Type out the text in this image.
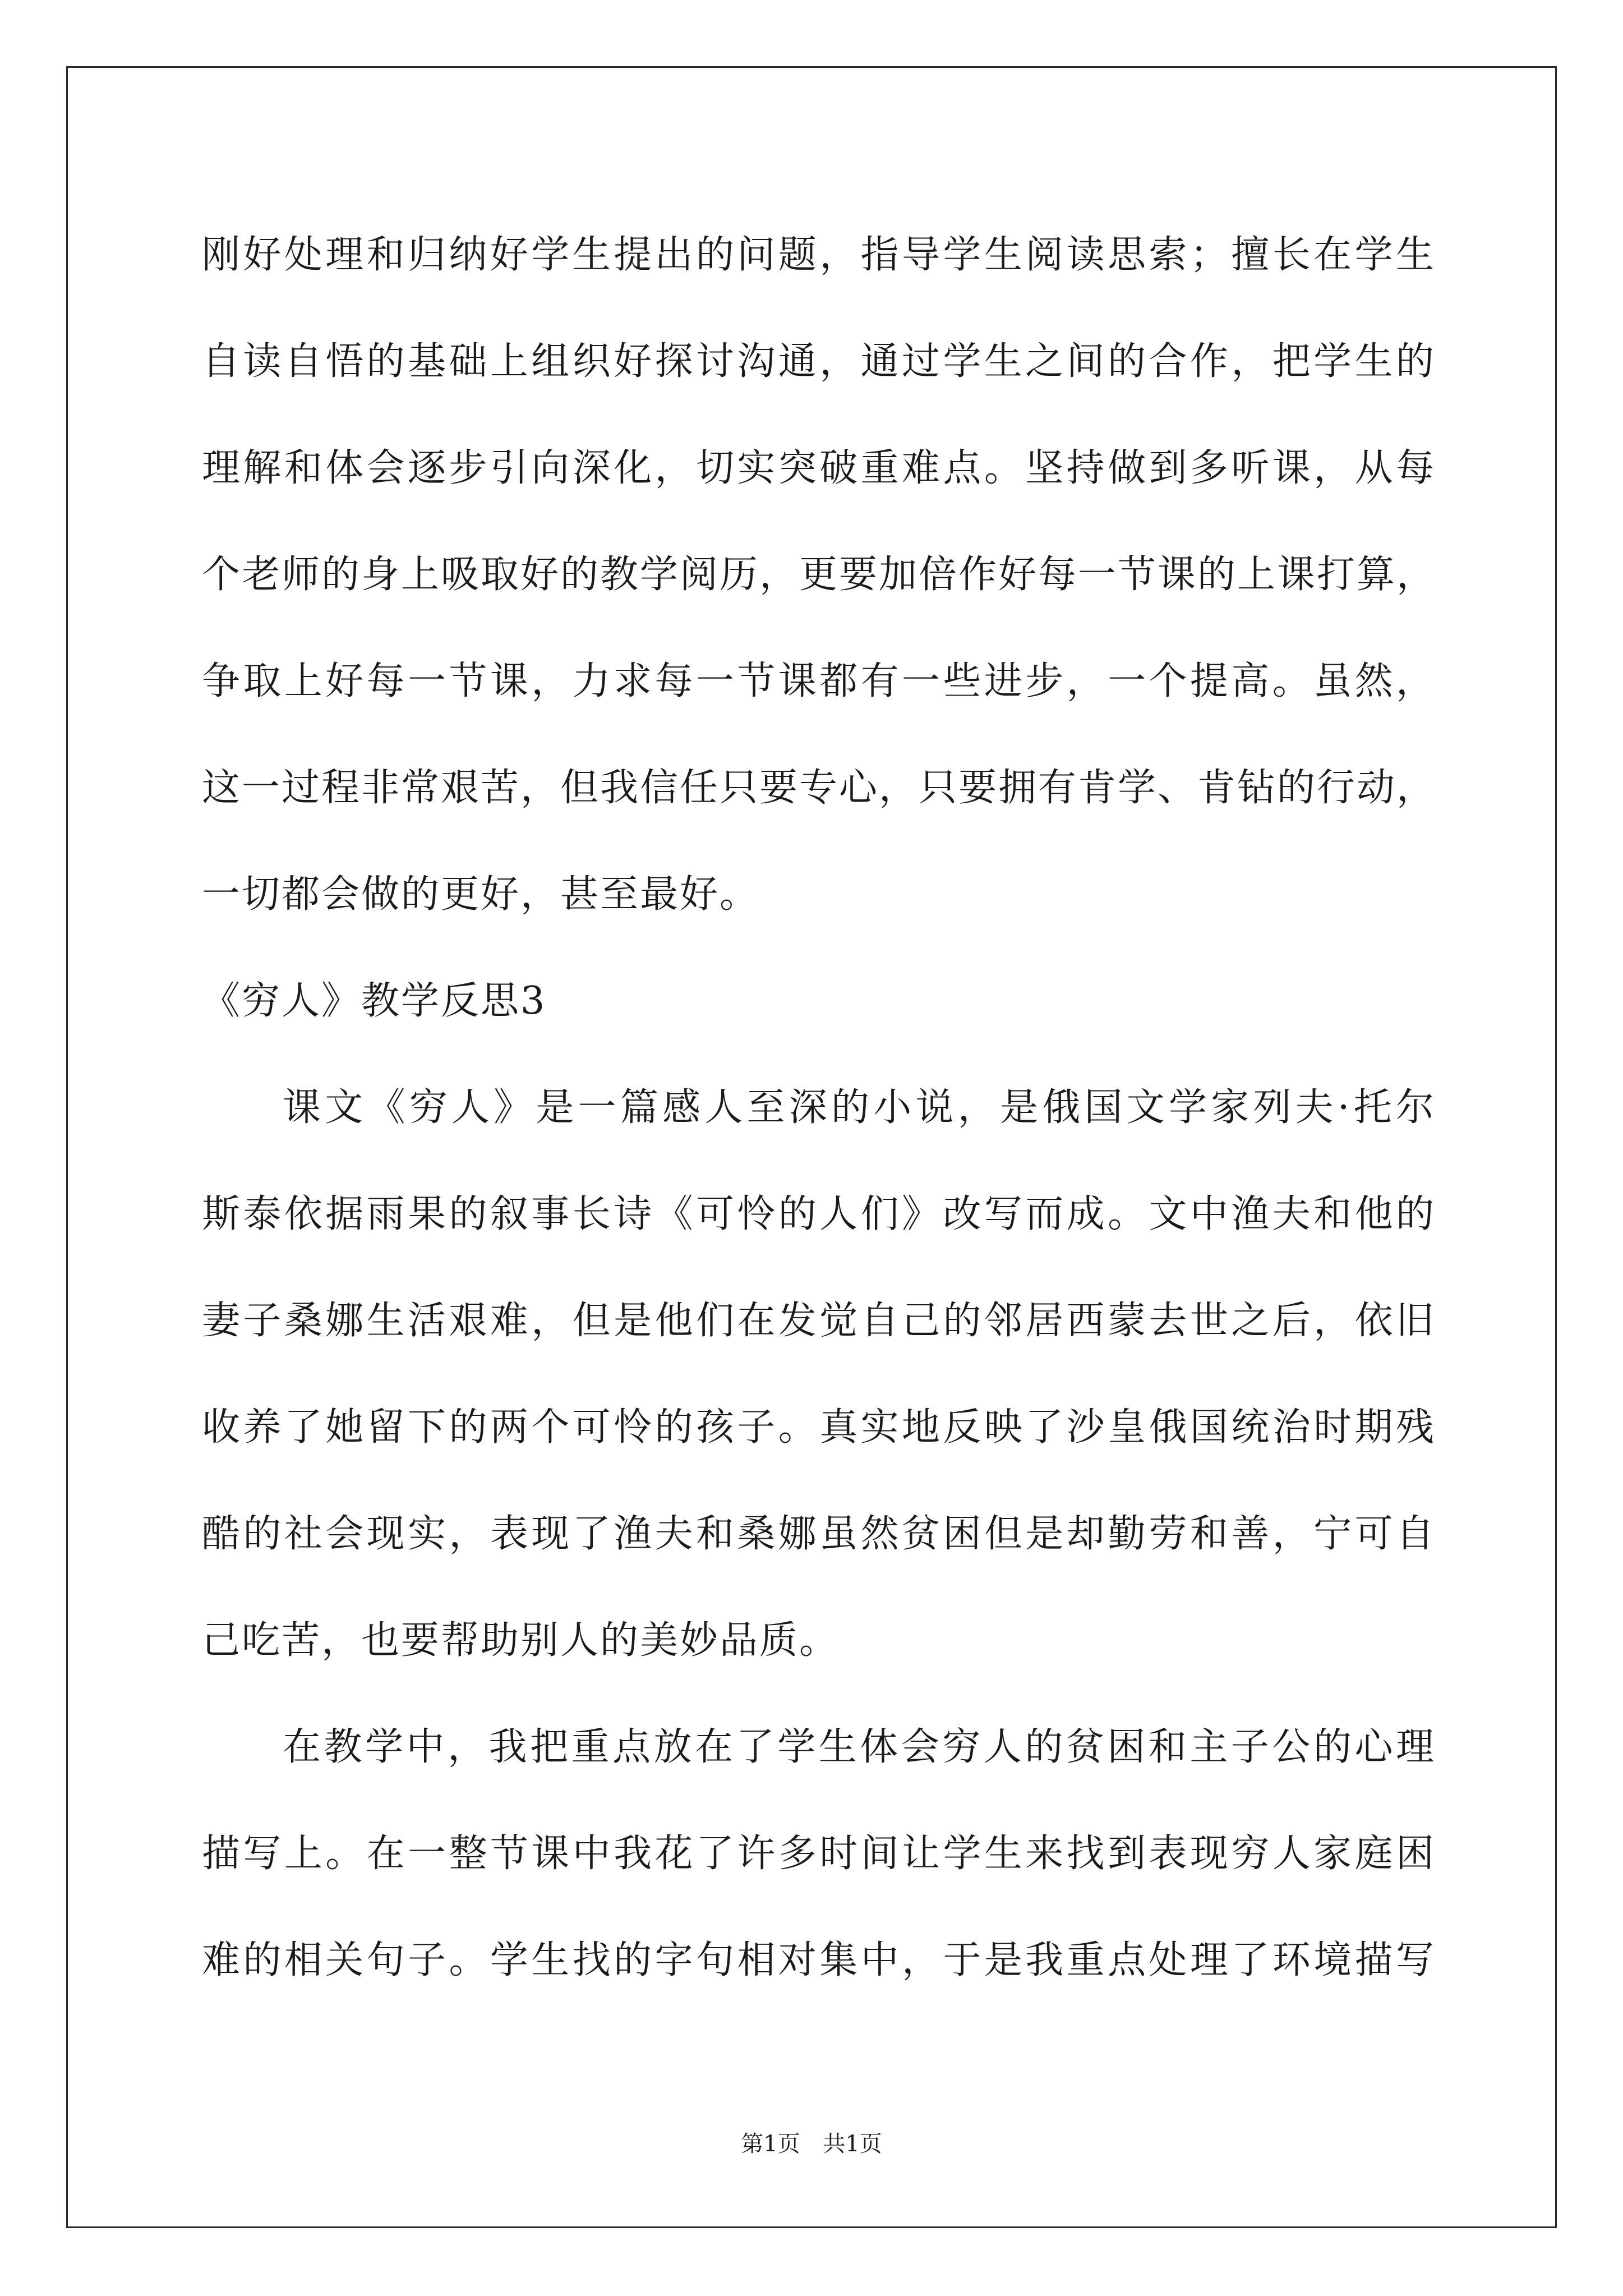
刚好处理和归纳好学生提出的问题，指导学生阅读思索；擅长在学生
自读自悟的基础上组织好探讨沟通，通过学生之间的合作，把学生的
理解和体会逐步引向深化，切实突破重难点。坚持做到多听课，从每
个老师的身上吸取好的教学阅历，更要加倍作好每一节课的上课打算，
争取上好每一节课，力求每一节课都有一些进步，一个提高。虽然，
这一过程非常艰苦，但我信任只要专心，只要拥有肯学、肯钻的行动，
一切都会做的更好，甚至最好。
《穷人》教学反思3
课文《穷人》是一篇感人至深的小说，是俄国文学家列夫·托尔
斯泰依据雨果的叙事长诗《可怜的人们》改写而成。文中渔夫和他的
妻子桑娜生活艰难，但是他们在发觉自己的邻居西蒙去世之后，依旧
收养了她留下的两个可怜的孩子。真实地反映了沙皇俄国统治时期残
酷的社会现实，表现了渔夫和桑娜虽然贫困但是却勤劳和善，宁可自
己吃苦，也要帮助别人的美妙品质。
在教学中，我把重点放在了学生体会穷人的贫困和主子公的心理
描写上。在一整节课中我花了许多时间让学生来找到表现穷人家庭困
难的相关句子。学生找的字句相对集中，于是我重点处理了环境描写
第1页 共1页
